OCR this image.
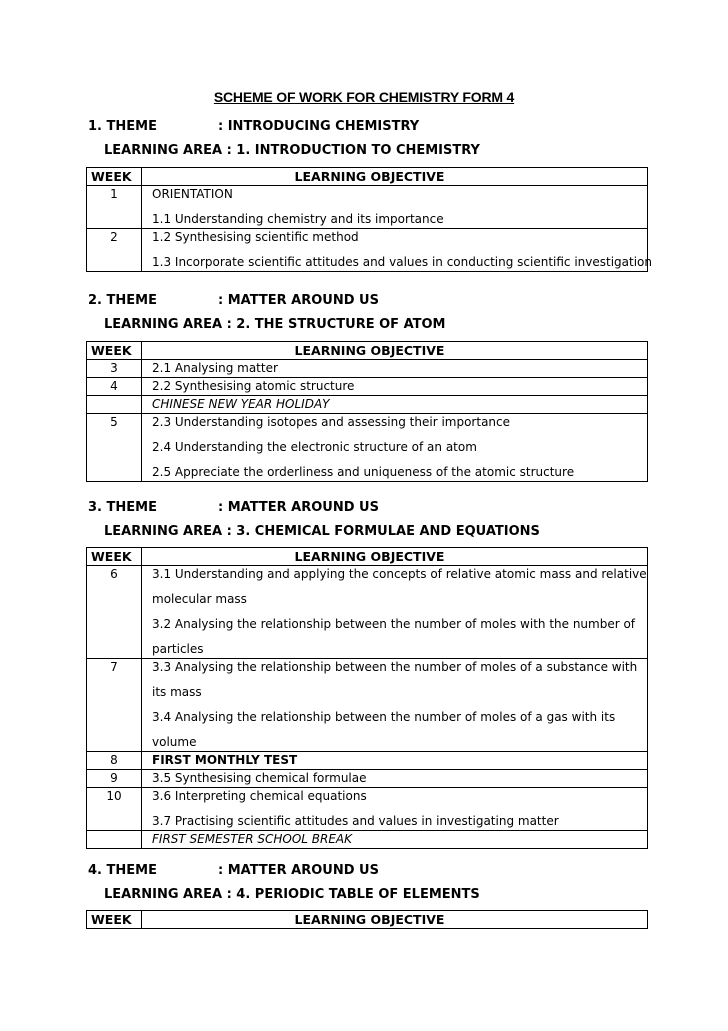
SCHEME OF WORK FOR CHEMISTRY FORM 4
1. THEME	: INTRODUCING CHEMISTRY
LEARNING AREA : 1. INTRODUCTION TO CHEMISTRY
WEEK	LEARNING OBJECTIVE
1	ORIENTATION
1.1 Understanding chemistry and its importance

2	1.2 Synthesising scientific method
1.3 Incorporate scientific attitudes and values in conducting scientific investigation
2. THEME	: MATTER AROUND US
LEARNING AREA : 2. THE STRUCTURE OF ATOM
WEEK	LEARNING OBJECTIVE
3	2.1 Analysing matter

4	2.2 Synthesising atomic structure

	CHINESE NEW YEAR HOLIDAY

5	2.3 Understanding isotopes and assessing their importance
2.4 Understanding the electronic structure of an atom
2.5 Appreciate the orderliness and uniqueness of the atomic structure
3. THEME	: MATTER AROUND US
LEARNING AREA : 3. CHEMICAL FORMULAE AND EQUATIONS
WEEK	LEARNING OBJECTIVE
6	3.1 Understanding and applying the concepts of relative atomic mass and relative
molecular mass
3.2 Analysing the relationship between the number of moles with the number of
particles

7	3.3 Analysing the relationship between the number of moles of a substance with
its mass
3.4 Analysing the relationship between the number of moles of a gas with its
volume

8	FIRST MONTHLY TEST

9	3.5 Synthesising chemical formulae

10	3.6 Interpreting chemical equations
3.7 Practising scientific attitudes and values in investigating matter

	FIRST SEMESTER SCHOOL BREAK
4. THEME	: MATTER AROUND US
LEARNING AREA : 4. PERIODIC TABLE OF ELEMENTS
WEEK	LEARNING OBJECTIVE
